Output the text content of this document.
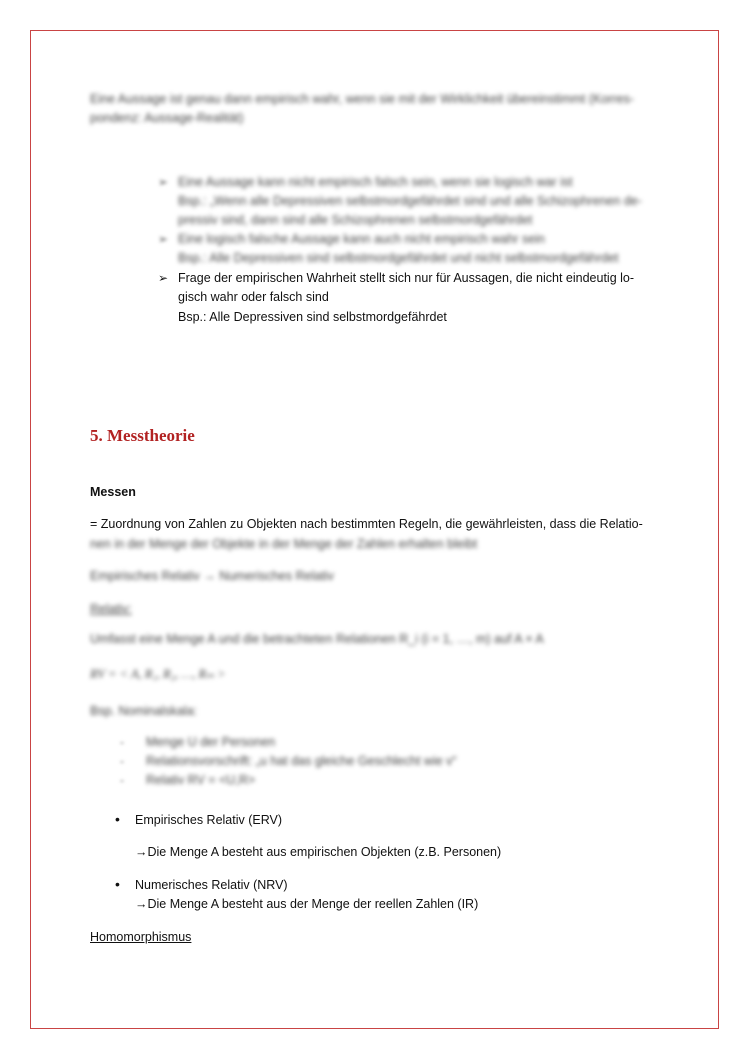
Eine Aussage ist genau dann empirisch wahr, wenn sie mit der Wirklichkeit übereinstimmt (Korres-
pondenz: Aussage-Realität)
➢ Eine Aussage kann nicht empirisch falsch sein, wenn sie logisch war ist
Bsp.: „Wenn alle Depressiven selbstmordgefährdet sind und alle Schizophrenen de-
pressiv sind, dann sind alle Schizophrenen selbstmordgefährdet
➢ Eine logisch falsche Aussage kann auch nicht empirisch wahr sein
Bsp.: Alle Depressiven sind selbstmordgefährdet und nicht selbstmordgefährdet
➢ Frage der empirischen Wahrheit stellt sich nur für Aussagen, die nicht eindeutig lo-
gisch wahr oder falsch sind
Bsp.: Alle Depressiven sind selbstmordgefährdet
5. Messtheorie
Messen
= Zuordnung von Zahlen zu Objekten nach bestimmten Regeln, die gewährleisten, dass die Relatio-
nen in der Menge der Objekte in der Menge der Zahlen erhalten bleibt
Empirisches Relativ → Numerisches Relativ
Relativ:
Umfasst eine Menge A und die betrachteten Relationen R_i (i = 1, …, m) auf A × A
RV = < A, R₁, R₂, …, Rₘ >
Bsp. Nominalskala:
- Menge U der Personen
- Relationsvorschrift: „u hat das gleiche Geschlecht wie v“
- Relativ RV = <U,R>
• Empirisches Relativ (ERV)
→Die Menge A besteht aus empirischen Objekten (z.B. Personen)
• Numerisches Relativ (NRV)
→Die Menge A besteht aus der Menge der reellen Zahlen (IR)
Homomorphismus
